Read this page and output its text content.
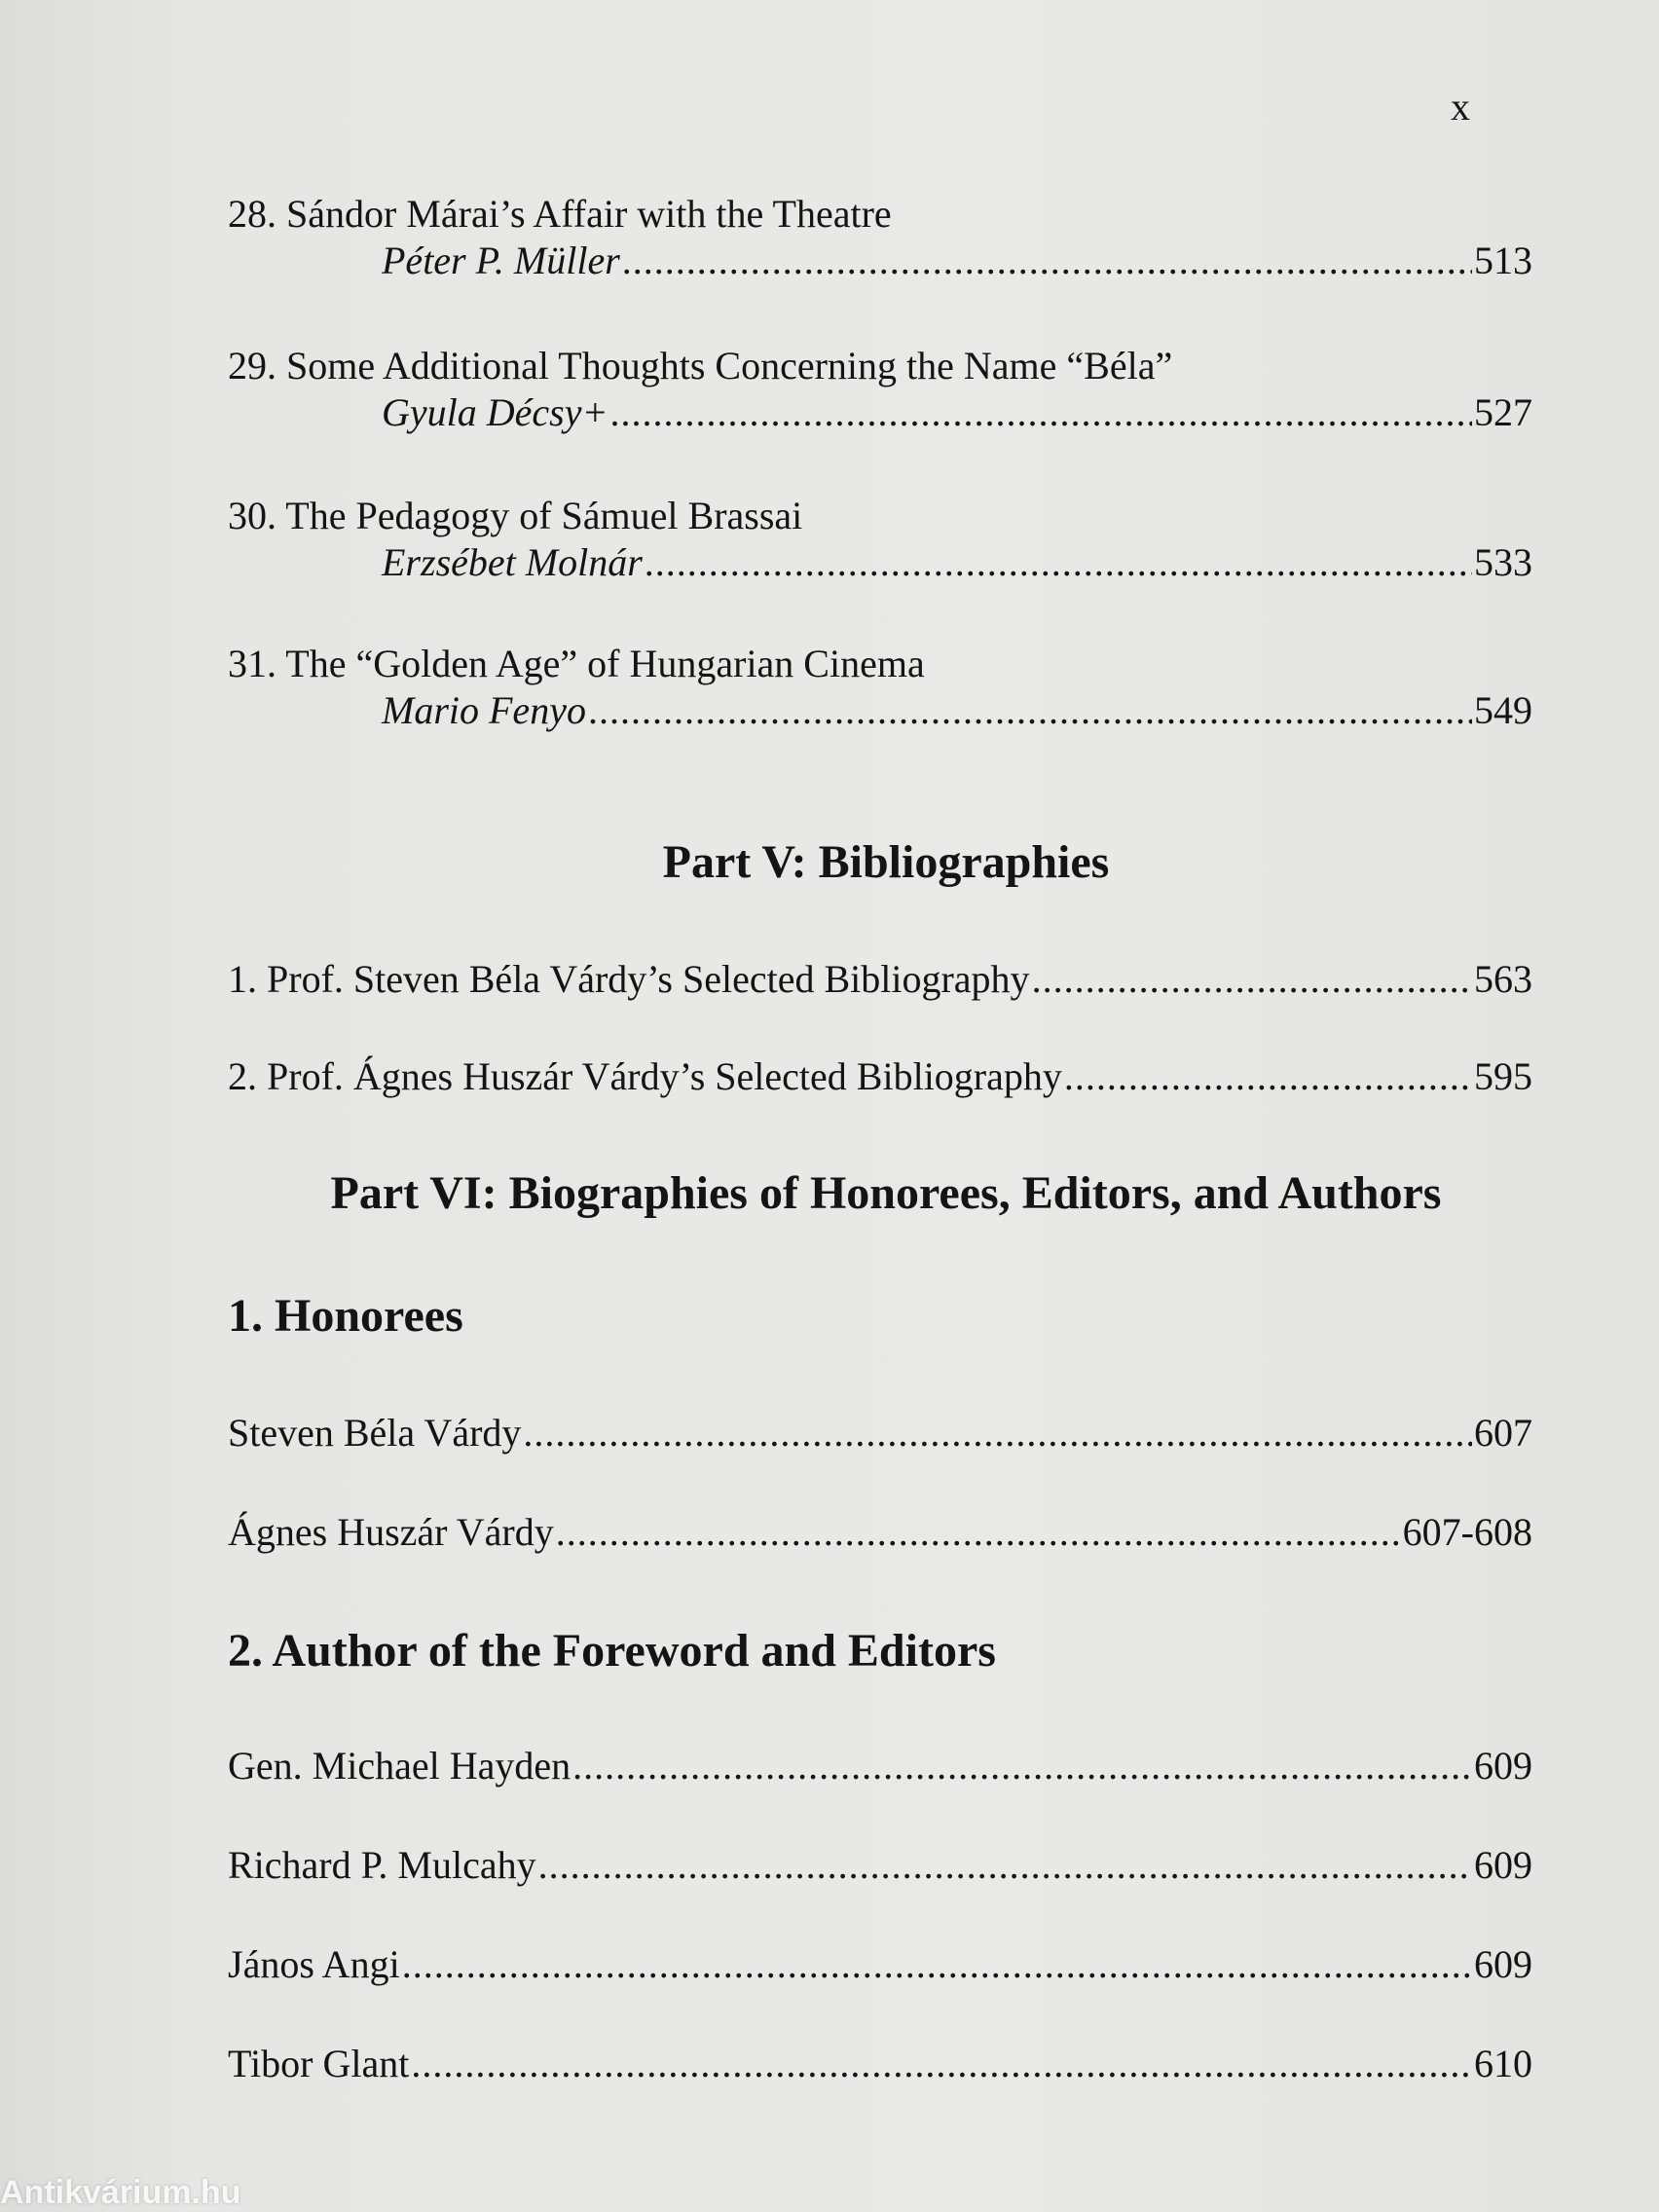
x
28. Sándor Márai’s Affair with the Theatre
Péter P. Müller .....	513
29. Some Additional Thoughts Concerning the Name “Béla”
Gyula Décsy+ .....	527
30. The Pedagogy of Sámuel Brassai
Erzsébet Molnár .....	533
31. The “Golden Age” of Hungarian Cinema
Mario Fenyo .....	549
Part V: Bibliographies
1. Prof. Steven Béla Várdy’s Selected Bibliography .....	563
2. Prof. Ágnes Huszár Várdy’s Selected Bibliography .....	595
Part VI: Biographies of Honorees, Editors, and Authors
1. Honorees
Steven Béla Várdy .....	607
Ágnes Huszár Várdy .....	607-608
2. Author of the Foreword and Editors
Gen. Michael Hayden .....	609
Richard P. Mulcahy .....	609
János Angi .....	609
Tibor Glant .....	610
Antikvárium.hu
